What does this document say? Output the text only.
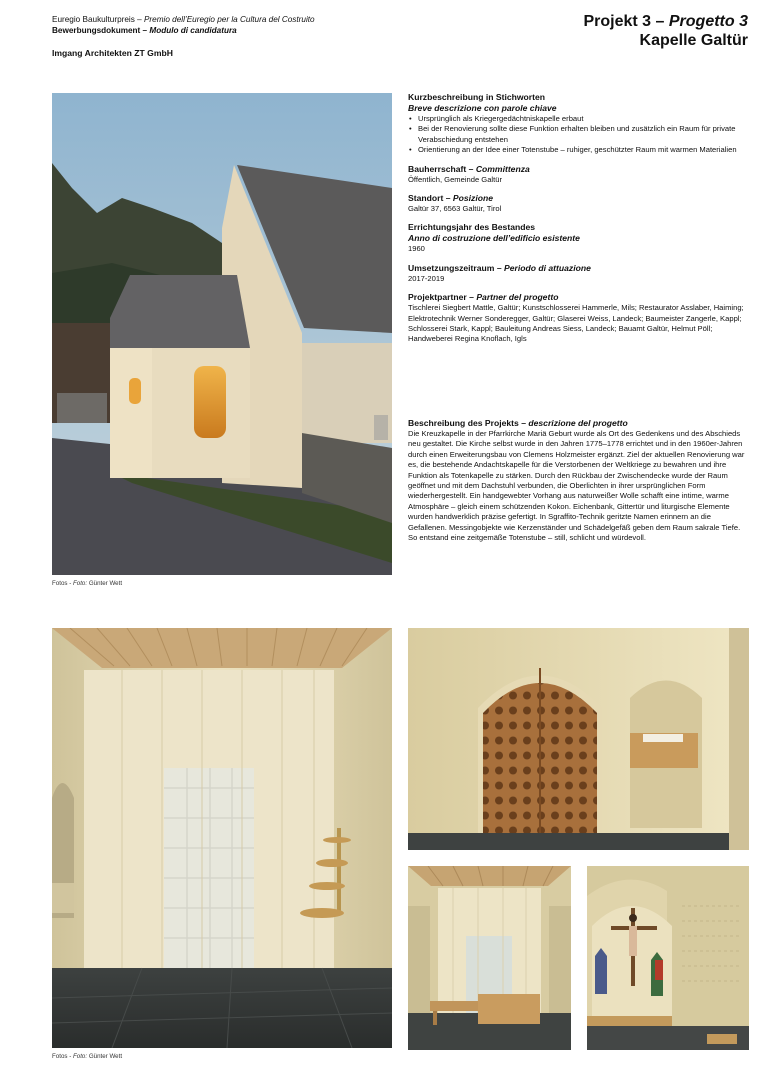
Euregio Baukulturpreis – Premio dell’Euregio per la Cultura del Costruito
Bewerbungsdokument – Modulo di candidatura
Imgang Architekten ZT GmbH
Projekt 3 – Progetto 3
Kapelle Galtür
Fotos - Foto: Günter Wett
Kurzbeschreibung in Stichworten
Breve descrizione con parole chiave
• Ursprünglich als Kriegergedächtniskapelle erbaut
• Bei der Renovierung sollte diese Funktion erhalten bleiben und zusätzlich ein Raum für private Verabschiedung entstehen
• Orientierung an der Idee einer Totenstube – ruhiger, geschützter Raum mit warmen Materialien
Bauherrschaft – Committenza
Öffentlich, Gemeinde Galtür
Standort – Posizione
Galtür 37, 6563 Galtür, Tirol
Errichtungsjahr des Bestandes
Anno di costruzione dell’edificio esistente
1960
Umsetzungszeitraum – Periodo di attuazione
2017-2019
Projektpartner – Partner del progetto
Tischlerei Siegbert Mattle, Galtür; Kunstschlosserei Hammerle, Mils; Restaurator Asslaber, Haiming; Elektrotechnik Werner Sonderegger, Galtür; Glaserei Weiss, Landeck; Baumeister Zangerle, Kappl; Schlosserei Stark, Kappl; Bauleitung Andreas Siess, Landeck; Bauamt Galtür, Helmut Pöll; Handweberei Regina Knoflach, Igls
Beschreibung des Projekts – descrizione del progetto
Die Kreuzkapelle in der Pfarrkirche Mariä Geburt wurde als Ort des Gedenkens und des Abschieds neu gestaltet. Die Kirche selbst wurde in den Jahren 1775–1778 errichtet und in den 1960er-Jahren durch einen Erweiterungsbau von Clemens Holzmeister ergänzt. Ziel der aktuellen Renovierung war es, die bestehende Andachtskapelle für die Verstorbenen der Weltkriege zu bewahren und ihre Funktion als Totenkapelle zu stärken. Durch den Rückbau der Zwischendecke wurde der Raum geöffnet und mit dem Dachstuhl verbunden, die Oberlichten in ihrer ursprünglichen Form wiederhergestellt. Ein handgewebter Vorhang aus naturweißer Wolle schafft eine intime, warme Atmosphäre – gleich einem schützenden Kokon. Eichenbank, Gittertür und liturgische Elemente wurden handwerklich präzise gefertigt. In Sgraffito-Technik geritzte Namen erinnern an die Gefallenen. Messingobjekte wie Kerzenständer und Schädelgefäß geben dem Raum sakrale Tiefe. So entstand eine zeitgemäße Totenstube – still, schlicht und würdevoll.
Fotos - Foto: Günter Wett
